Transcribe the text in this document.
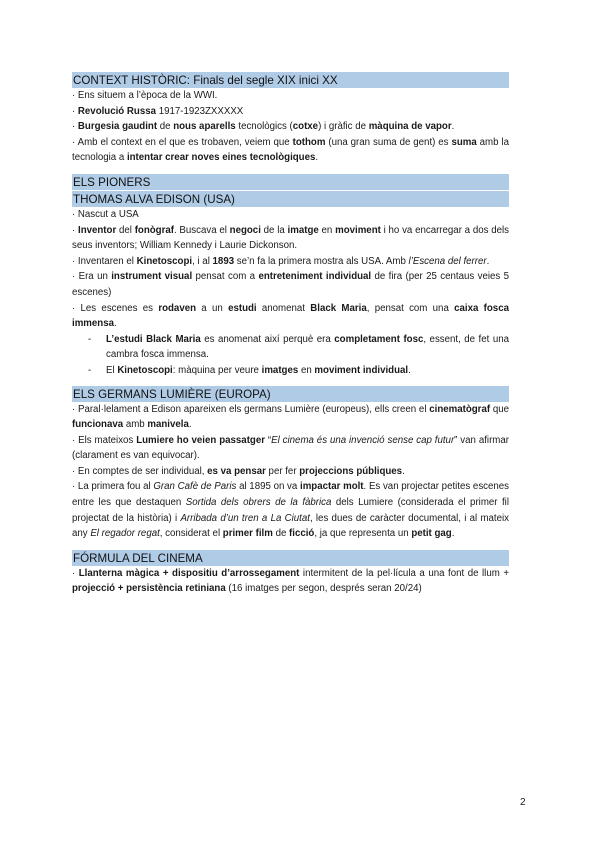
CONTEXT HISTÒRIC: Finals del segle XIX inici XX

· Ens situem a l’època de la WWI.

· Revolució Russa 1917-1923ZXXXXX

· Burgesia gaudint de nous aparells tecnològics (cotxe) i gràfic de màquina de vapor.

· Amb el context en el que es trobaven, veiem que tothom (una gran suma de gent) es suma amb la tecnologia a intentar crear noves eines tecnològiques.

ELS PIONERS
THOMAS ALVA EDISON (USA)

· Nascut a USA

· Inventor del fonògraf. Buscava el negoci de la imatge en moviment i ho va encarregar a dos dels seus inventors; William Kennedy i Laurie Dickonson.

· Inventaren el Kinetoscopi, i al 1893 se’n fa la primera mostra als USA. Amb l’Escena del ferrer.

· Era un instrument visual pensat com a entreteniment individual de fira (per 25 centaus veies 5 escenes)

· Les escenes es rodaven a un estudi anomenat Black Maria, pensat com una caixa fosca immensa.

- L’estudi Black Maria es anomenat així perquè era completament fosc, essent, de fet una cambra fosca immensa.
- El Kinetoscopi: màquina per veure imatges en moviment individual.
ELS GERMANS LUMIÈRE (EUROPA)

· Paral·lelament a Edison apareixen els germans Lumière (europeus), ells creen el cinematògraf que funcionava amb manivela.

· Els mateixos Lumiere ho veien passatger “El cinema és una invenció sense cap futur” van afirmar (clarament es van equivocar).

· En comptes de ser individual, es va pensar per fer projeccions públiques.

· La primera fou al Gran Cafè de Paris al 1895 on va impactar molt. Es van projectar petites escenes entre les que destaquen Sortida dels obrers de la fàbrica dels Lumiere (considerada el primer fil projectat de la història) i Arribada d’un tren a La Ciutat, les dues de caràcter documental, i al mateix any El regador regat, considerat el primer film de ficció, ja que representa un petit gag.

FÓRMULA DEL CINEMA

· Llanterna màgica + dispositiu d’arrossegament intermitent de la pel·lícula a una font de llum + projecció + persistència retiniana (16 imatges per segon, després seran 20/24)

2
